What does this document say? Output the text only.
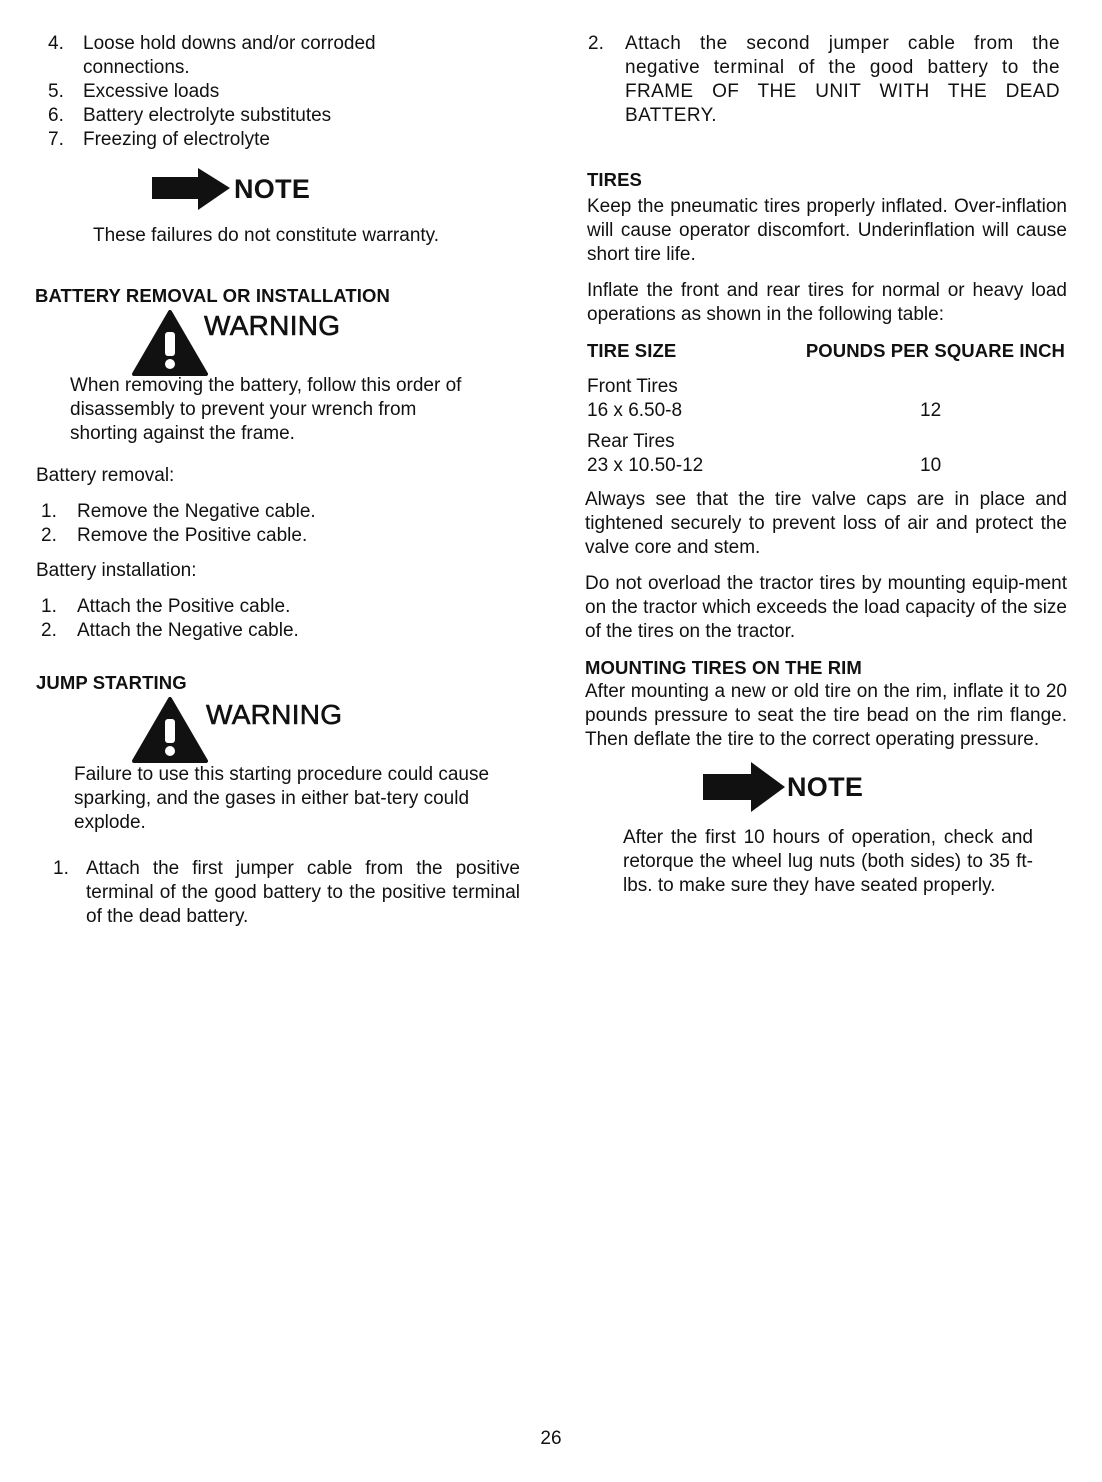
4.	Loose hold downs and/or corroded connections.
5.	Excessive loads
6.	Battery electrolyte substitutes
7.	Freezing of electrolyte
NOTE
These failures do not constitute warranty.
BATTERY REMOVAL OR INSTALLATION
WARNING
When removing the battery, follow this order of disassembly to prevent your wrench from shorting against the frame.
Battery removal:
1.	Remove the Negative cable.
2.	Remove the Positive cable.
Battery installation:
1.	Attach the Positive cable.
2.	Attach the Negative cable.
JUMP STARTING
WARNING
Failure to use this starting procedure could cause sparking, and the gases in either bat-tery could explode.
1. Attach the first jumper cable from the positive terminal of the good battery to the positive terminal of the dead battery.
2.	Attach the second jumper cable from the negative terminal of the good battery to the FRAME OF THE UNIT WITH THE DEAD BATTERY.
TIRES
Keep the pneumatic tires properly inflated. Over-inflation will cause operator discomfort. Underinflation will cause short tire life.
Inflate the front and rear tires for normal or heavy load operations as shown in the following table:
TIRE SIZE	POUNDS PER SQUARE INCH
Front Tires
16 x 6.50-8	12
Rear Tires
23 x 10.50-12	10
Always see that the tire valve caps are in place and tightened securely to prevent loss of air and protect the valve core and stem.
Do not overload the tractor tires by mounting equip-ment on the tractor which exceeds the load capacity of the size of the tires on the tractor.
MOUNTING TIRES ON THE RIM
After mounting a new or old tire on the rim, inflate it to 20 pounds pressure to seat the tire bead on the rim flange. Then deflate the tire to the correct operating pressure.
NOTE
After the first 10 hours of operation, check and retorque the wheel lug nuts (both sides) to 35 ft-lbs. to make sure they have seated properly.
26
